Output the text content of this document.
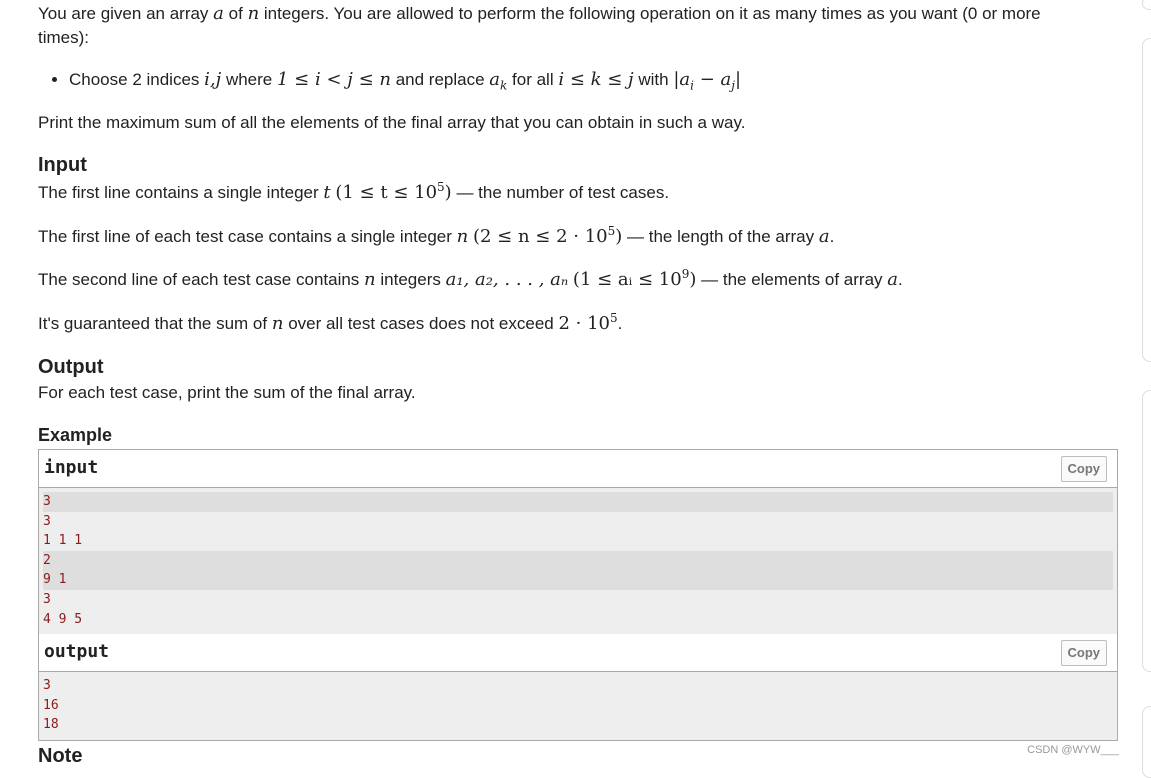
You are given an array a of n integers. You are allowed to perform the following operation on it as many times as you want (0 or more
times):

Choose 2 indices
i,j
where
1 ≤ i < j ≤ n
and replace
$a_k$
for all
i ≤ k ≤ j
with
$|a_i - a_j|$

Print the maximum sum of all the elements of the final array that you can obtain in such a way.

Input
The first line contains a single integer t $(1 \le t \le 10^5)$ — the number of test cases.
The first line of each test case contains a single integer n $(2 \le n \le 2 \cdot 10^5)$ — the length of the array a.
The second line of each test case contains n integers a₁, a₂, . . . , aₙ (1 ≤ aᵢ ≤ $10^9$) — the elements of array a.
It's guaranteed that the sum of n over all test cases does not exceed $2 \cdot 10^5$.
Output
For each test case, print the sum of the final array.
Example
input	Copy
3
3
1 1 1
2
9 1
3
4 9 5
output	Copy
3
16
18
Note	CSDN @WYW___
